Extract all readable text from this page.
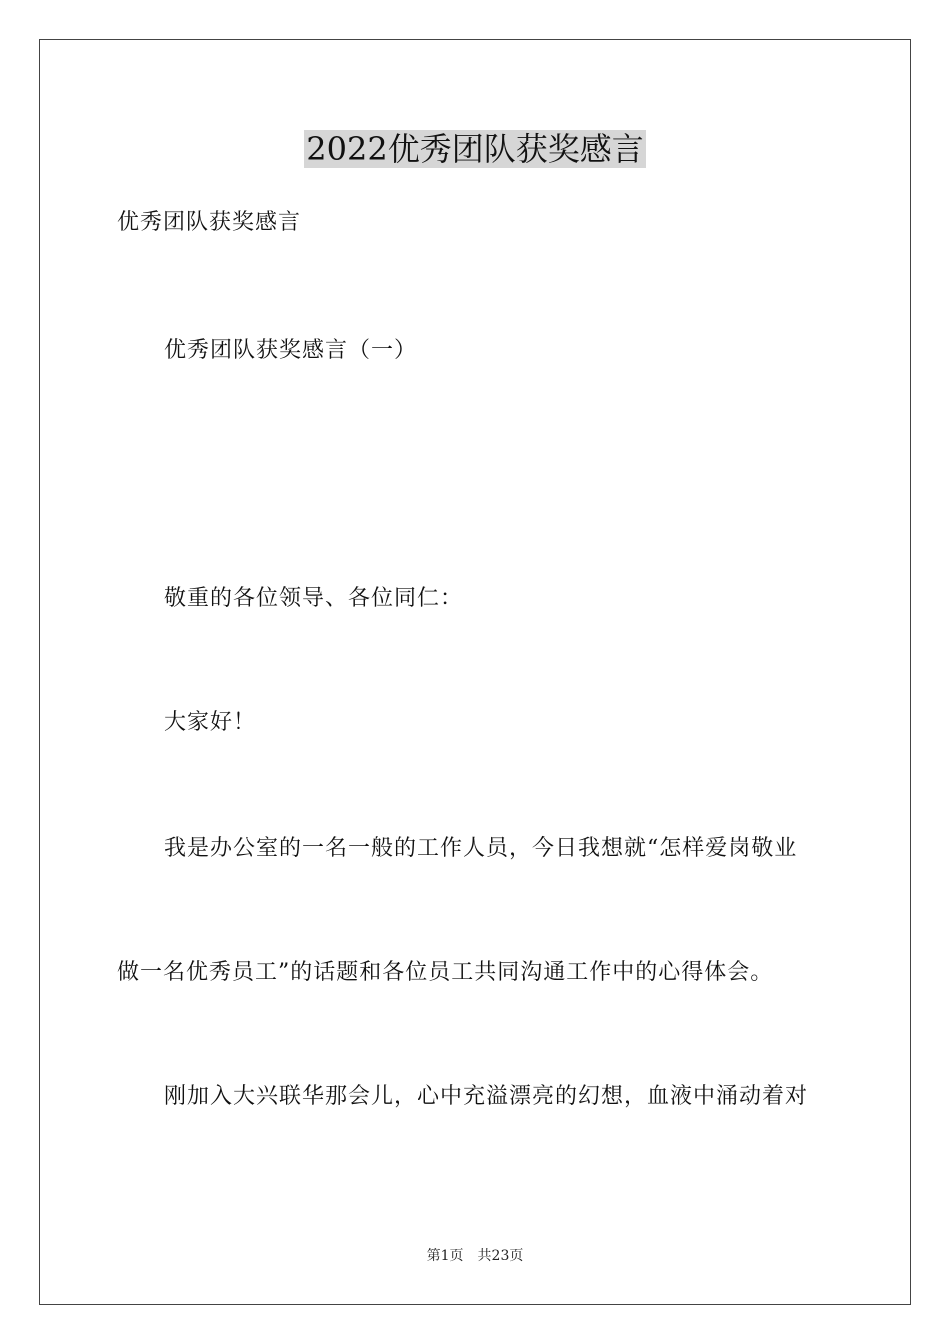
2022优秀团队获奖感言
优秀团队获奖感言
优秀团队获奖感言（一）
敬重的各位领导、各位同仁：
大家好！
我是办公室的一名一般的工作人员，今日我想就“怎样爱岗敬业
做一名优秀员工”的话题和各位员工共同沟通工作中的心得体会。
刚加入大兴联华那会儿，心中充溢漂亮的幻想，血液中涌动着对
第1页 共23页
